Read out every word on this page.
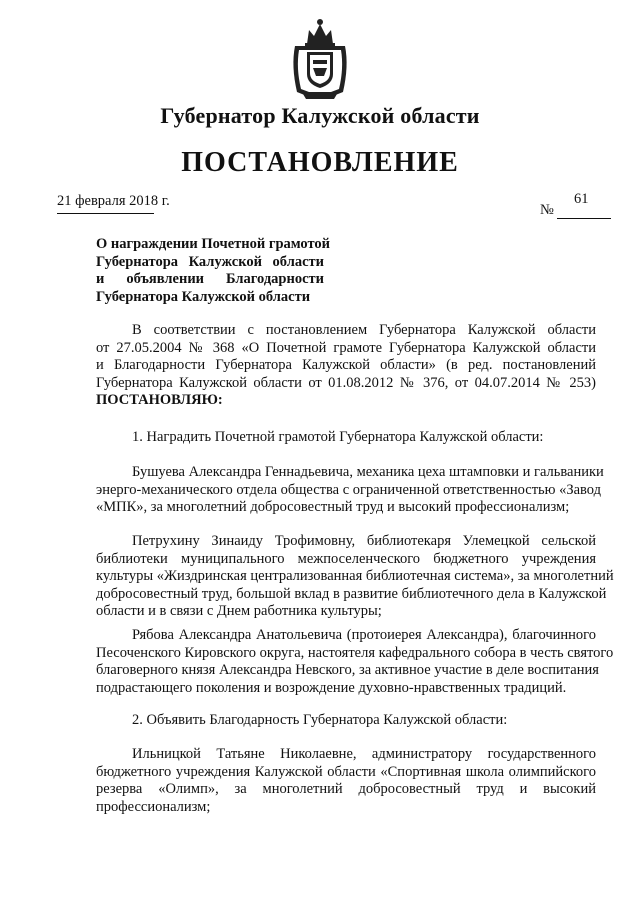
Губернатор Калужской области
ПОСТАНОВЛЕНИЕ
21 февраля 2018 г.	61
№
О награждении Почетной грамотой
Губернатора Калужской области
и объявлении Благодарности
Губернатора Калужской области
В соответствии с постановлением Губернатора Калужской области
от 27.05.2004 № 368 «О Почетной грамоте Губернатора Калужской области
и Благодарности Губернатора Калужской области» (в ред. постановлений
Губернатора Калужской области от 01.08.2012 № 376, от 04.07.2014 № 253)
ПОСТАНОВЛЯЮ:
1. Наградить Почетной грамотой Губернатора Калужской области:
Бушуева Александра Геннадьевича, механика цеха штамповки и гальваники
энерго-механического отдела общества с ограниченной ответственностью «Завод
«МПК», за многолетний добросовестный труд и высокий профессионализм;
Петрухину Зинаиду Трофимовну, библиотекаря Улемецкой сельской
библиотеки муниципального межпоселенческого бюджетного учреждения
культуры «Жиздринская централизованная библиотечная система», за многолетний
добросовестный труд, большой вклад в развитие библиотечного дела в Калужской
области и в связи с Днем работника культуры;
Рябова Александра Анатольевича (протоиерея Александра), благочинного
Песоченского Кировского округа, настоятеля кафедрального собора в честь святого
благоверного князя Александра Невского, за активное участие в деле воспитания
подрастающего поколения и возрождение духовно-нравственных традиций.
2. Объявить Благодарность Губернатора Калужской области:
Ильницкой Татьяне Николаевне, администратору государственного
бюджетного учреждения Калужской области «Спортивная школа олимпийского
резерва «Олимп», за многолетний добросовестный труд и высокий
профессионализм;
